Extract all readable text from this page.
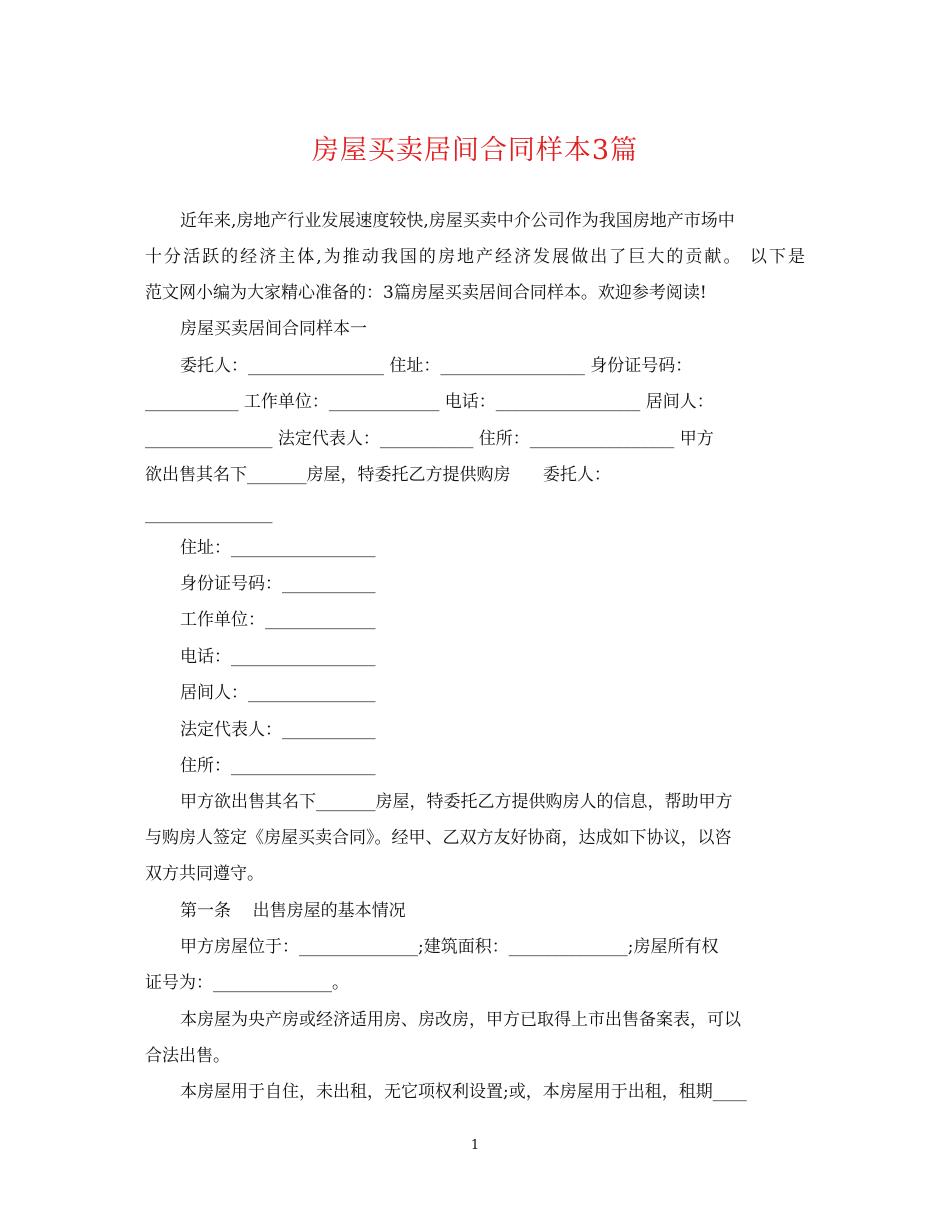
房屋买卖居间合同样本3篇
近年来,房地产行业发展速度较快,房屋买卖中介公司作为我国房地产市场中
十分活跃的经济主体,为推动我国的房地产经济发展做出了巨大的贡献。 以下是
范文网小编为大家精心准备的：3篇房屋买卖居间合同样本。欢迎参考阅读!
房屋买卖居间合同样本一
委托人：________________ 住址：_________________ 身份证号码：
___________ 工作单位：_____________ 电话：_________________ 居间人：
_______________ 法定代表人：___________ 住所：_________________ 甲方
欲出售其名下_______房屋，特委托乙方提供购房      委托人：
_______________
住址：_________________
身份证号码：___________
工作单位：_____________
电话：_________________
居间人：_______________
法定代表人：___________
住所：_________________
甲方欲出售其名下_______房屋，特委托乙方提供购房人的信息，帮助甲方
与购房人签定《房屋买卖合同》。经甲、乙双方友好协商，达成如下协议，以咨
双方共同遵守。
第一条    出售房屋的基本情况
甲方房屋位于：______________;建筑面积：______________;房屋所有权
证号为：______________。
本房屋为央产房或经济适用房、房改房，甲方已取得上市出售备案表，可以
合法出售。
本房屋用于自住，未出租，无它项权利设置;或，本房屋用于出租，租期____
1
